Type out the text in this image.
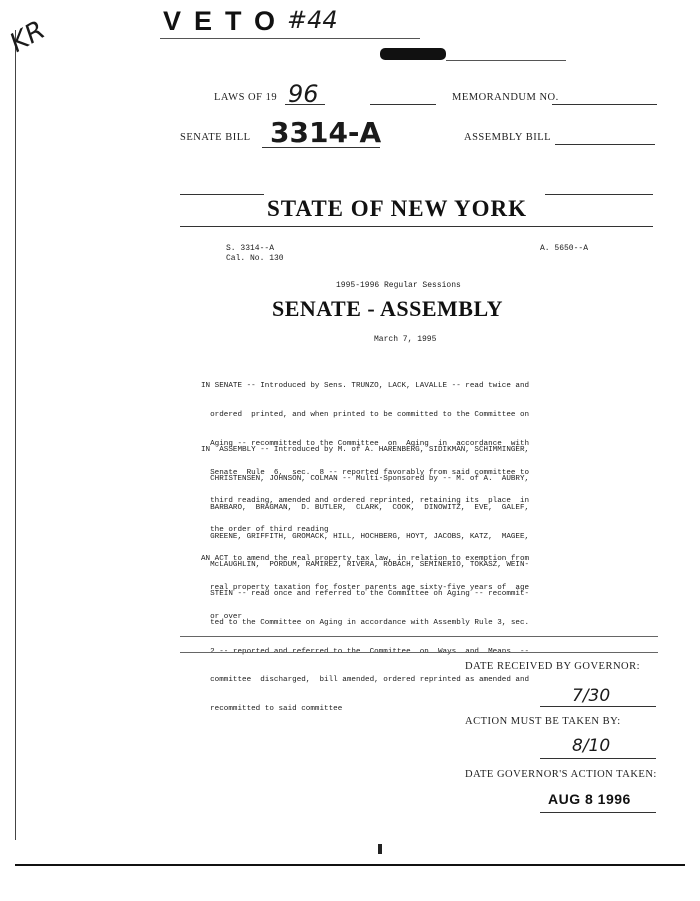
KR	VETO
#44
LAWS OF 19 96	MEMORANDUM NO.
SENATE BILL 3314-A	ASSEMBLY BILL
STATE OF NEW YORK
S. 3314--A
Cal. No. 130
A. 5650--A
1995-1996 Regular Sessions
SENATE - ASSEMBLY
March 7, 1995

IN SENATE -- Introduced by Sens. TRUNZO, LACK, LAVALLE -- read twice and

ordered  printed, and when printed to be committed to the Committee on

Aging -- recommitted to the Committee  on  Aging  in  accordance  with

Senate  Rule  6,  sec.  8 -- reported favorably from said committee to

third reading, amended and ordered reprinted, retaining its  place  in

the order of third reading

IN  ASSEMBLY -- Introduced by M. of A. HARENBERG, SIDIKMAN, SCHIMMINGER,

CHRISTENSEN, JOHNSON, COLMAN -- Multi-Sponsored by -- M. of A.  AUBRY,

BARBARO,  BRAGMAN,  D. BUTLER,  CLARK,  COOK,  DINOWITZ,  EVE,  GALEF,

GREENE, GRIFFITH, GROMACK, HILL, HOCHBERG, HOYT, JACOBS, KATZ,  MAGEE,

McLAUGHLIN,  PORDUM, RAMIREZ, RIVERA, ROBACH, SEMINERIO, TOKASZ, WEIN-

STEIN -- read once and referred to the Committee on Aging -- recommit-

ted to the Committee on Aging in accordance with Assembly Rule 3, sec.

2 -- reported and referred to the  Committee  on  Ways  and  Means  --

committee  discharged,  bill amended, ordered reprinted as amended and

recommitted to said committee

AN ACT to amend the real property tax law, in relation to exemption from

real property taxation for foster parents age sixty-five years of  age

or over

DATE RECEIVED BY GOVERNOR:
7/30
ACTION MUST BE TAKEN BY:
8/10
DATE GOVERNOR'S ACTION TAKEN:
AUG 8 1996
